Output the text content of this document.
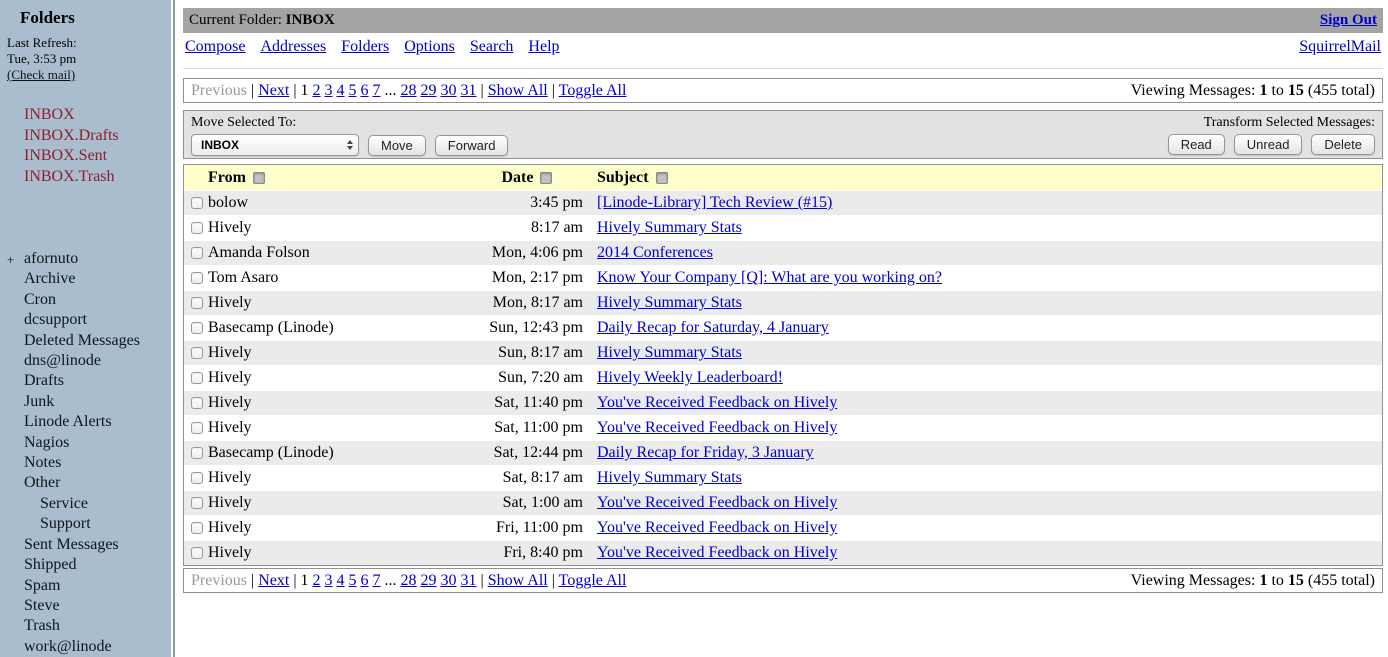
Folders
Last Refresh:
Tue, 3:53 pm
(Check mail)
INBOX
INBOX.Drafts
INBOX.Sent
INBOX.Trash
+ afornuto
Archive
Cron
dcsupport
Deleted Messages
dns@linode
Drafts
Junk
Linode Alerts
Nagios
Notes
Other
Service
Support
Sent Messages
Shipped
Spam
Steve
Trash
work@linode
Current Folder: INBOX	Sign Out
Compose Addresses Folders Options Search Help	SquirrelMail
Previous | Next | 1 2 3 4 5 6 7 ... 28 29 30 31 | Show All | Toggle All	Viewing Messages: 1 to 15 (455 total)
Move Selected To:
INBOX	Move	Forward
Transform Selected Messages:
Read	Unread	Delete
From	Date	Subject
bolow	3:45 pm [Linode-Library] Tech Review (#15)
Hively	8:17 am Hively Summary Stats
Amanda Folson	Mon, 4:06 pm 2014 Conferences
Tom Asaro	Mon, 2:17 pm Know Your Company [Q]: What are you working on?
Hively	Mon, 8:17 am Hively Summary Stats
Basecamp (Linode)	Sun, 12:43 pm Daily Recap for Saturday, 4 January
Hively	Sun, 8:17 am Hively Summary Stats
Hively	Sun, 7:20 am Hively Weekly Leaderboard!
Hively	Sat, 11:40 pm You've Received Feedback on Hively
Hively	Sat, 11:00 pm You've Received Feedback on Hively
Basecamp (Linode)	Sat, 12:44 pm Daily Recap for Friday, 3 January
Hively	Sat, 8:17 am Hively Summary Stats
Hively	Sat, 1:00 am You've Received Feedback on Hively
Hively	Fri, 11:00 pm You've Received Feedback on Hively
Hively	Fri, 8:40 pm You've Received Feedback on Hively
Previous | Next | 1 2 3 4 5 6 7 ... 28 29 30 31 | Show All | Toggle All	Viewing Messages: 1 to 15 (455 total)
